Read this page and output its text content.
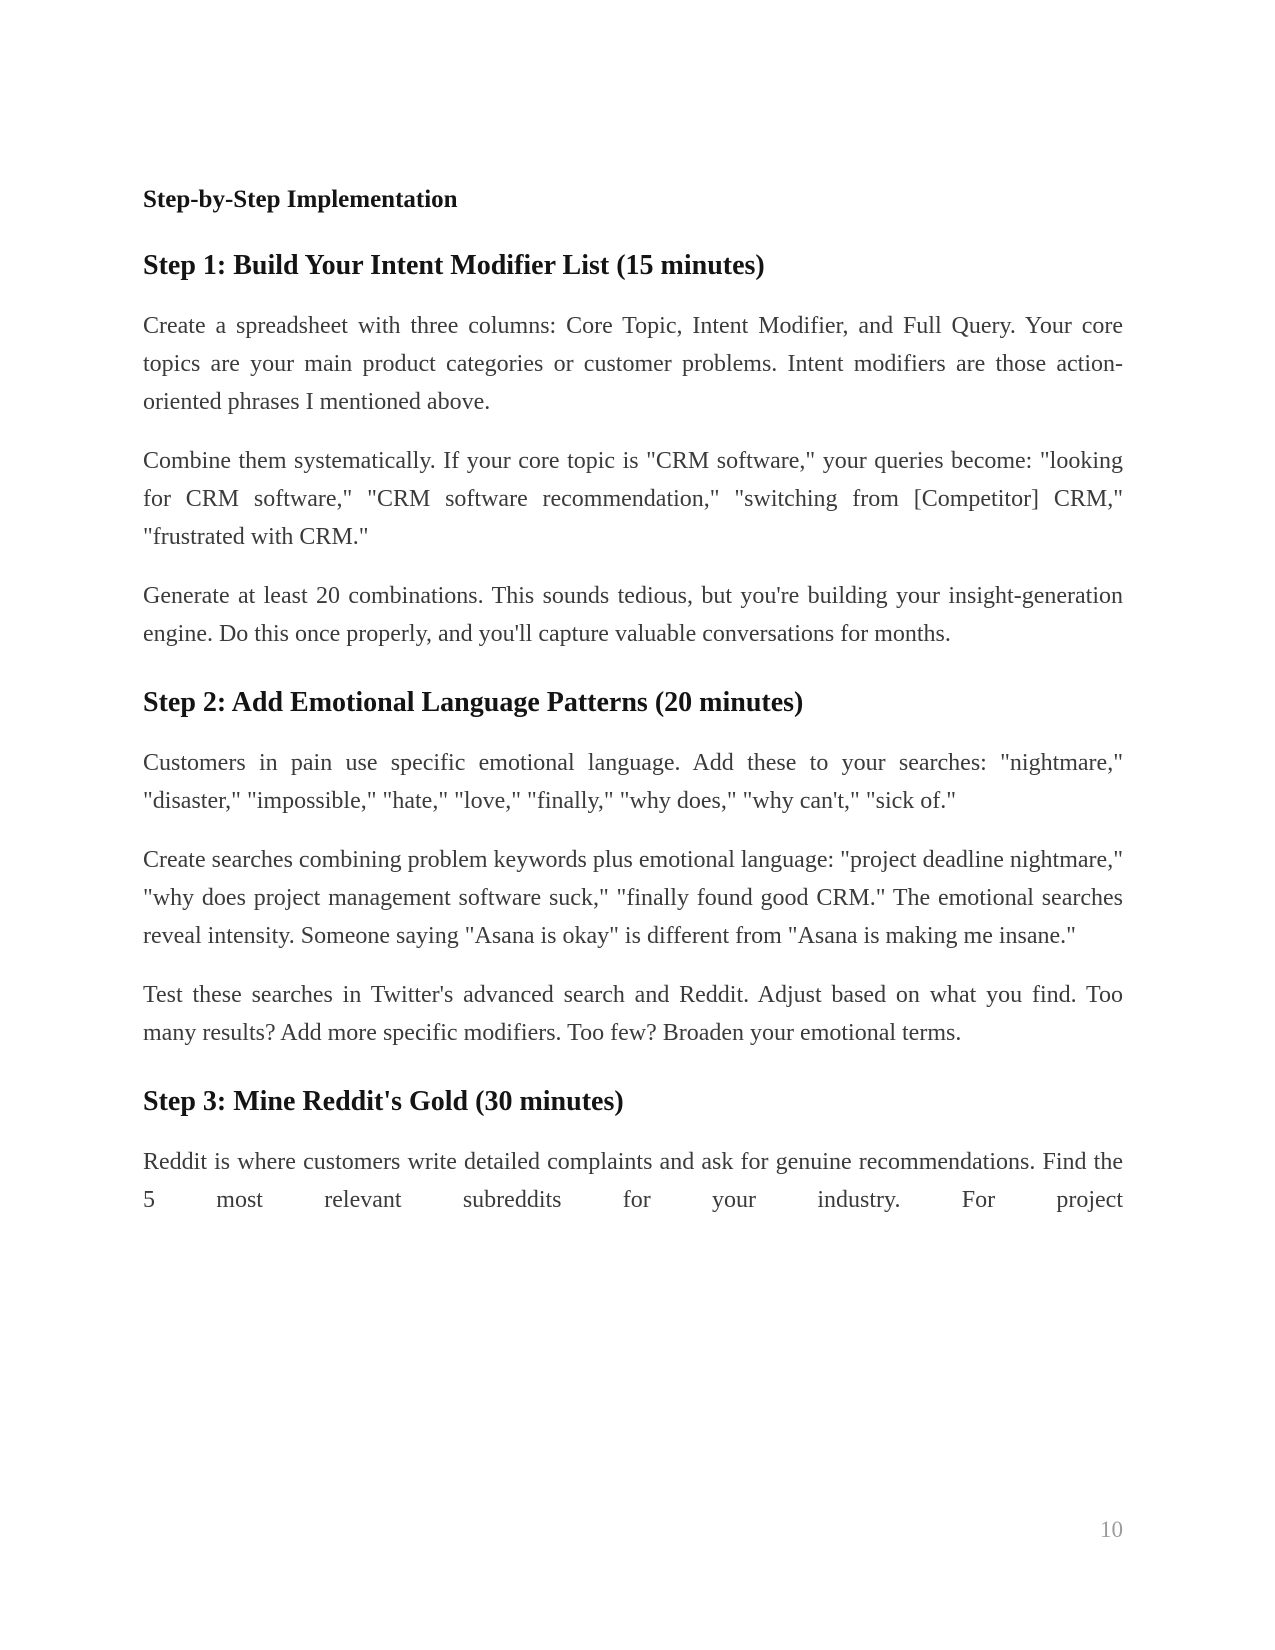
Step-by-Step Implementation
Step 1: Build Your Intent Modifier List (15 minutes)

Create a spreadsheet with three columns: Core Topic, Intent Modifier, and Full Query. Your core topics are your main product categories or customer problems. Intent modifiers are those action-oriented phrases I mentioned above.

Combine them systematically. If your core topic is "CRM software," your queries become: "looking for CRM software," "CRM software recommendation," "switching from [Competitor] CRM," "frustrated with CRM."

Generate at least 20 combinations. This sounds tedious, but you're building your insight-generation engine. Do this once properly, and you'll capture valuable conversations for months.

Step 2: Add Emotional Language Patterns (20 minutes)

Customers in pain use specific emotional language. Add these to your searches: "nightmare," "disaster," "impossible," "hate," "love," "finally," "why does," "why can't," "sick of."

Create searches combining problem keywords plus emotional language: "project deadline nightmare," "why does project management software suck," "finally found good CRM." The emotional searches reveal intensity. Someone saying "Asana is okay" is different from "Asana is making me insane."

Test these searches in Twitter's advanced search and Reddit. Adjust based on what you find. Too many results? Add more specific modifiers. Too few? Broaden your emotional terms.

Step 3: Mine Reddit's Gold (30 minutes)

Reddit is where customers write detailed complaints and ask for genuine recommendations. Find the 5 most relevant subreddits for your industry. For project

10
